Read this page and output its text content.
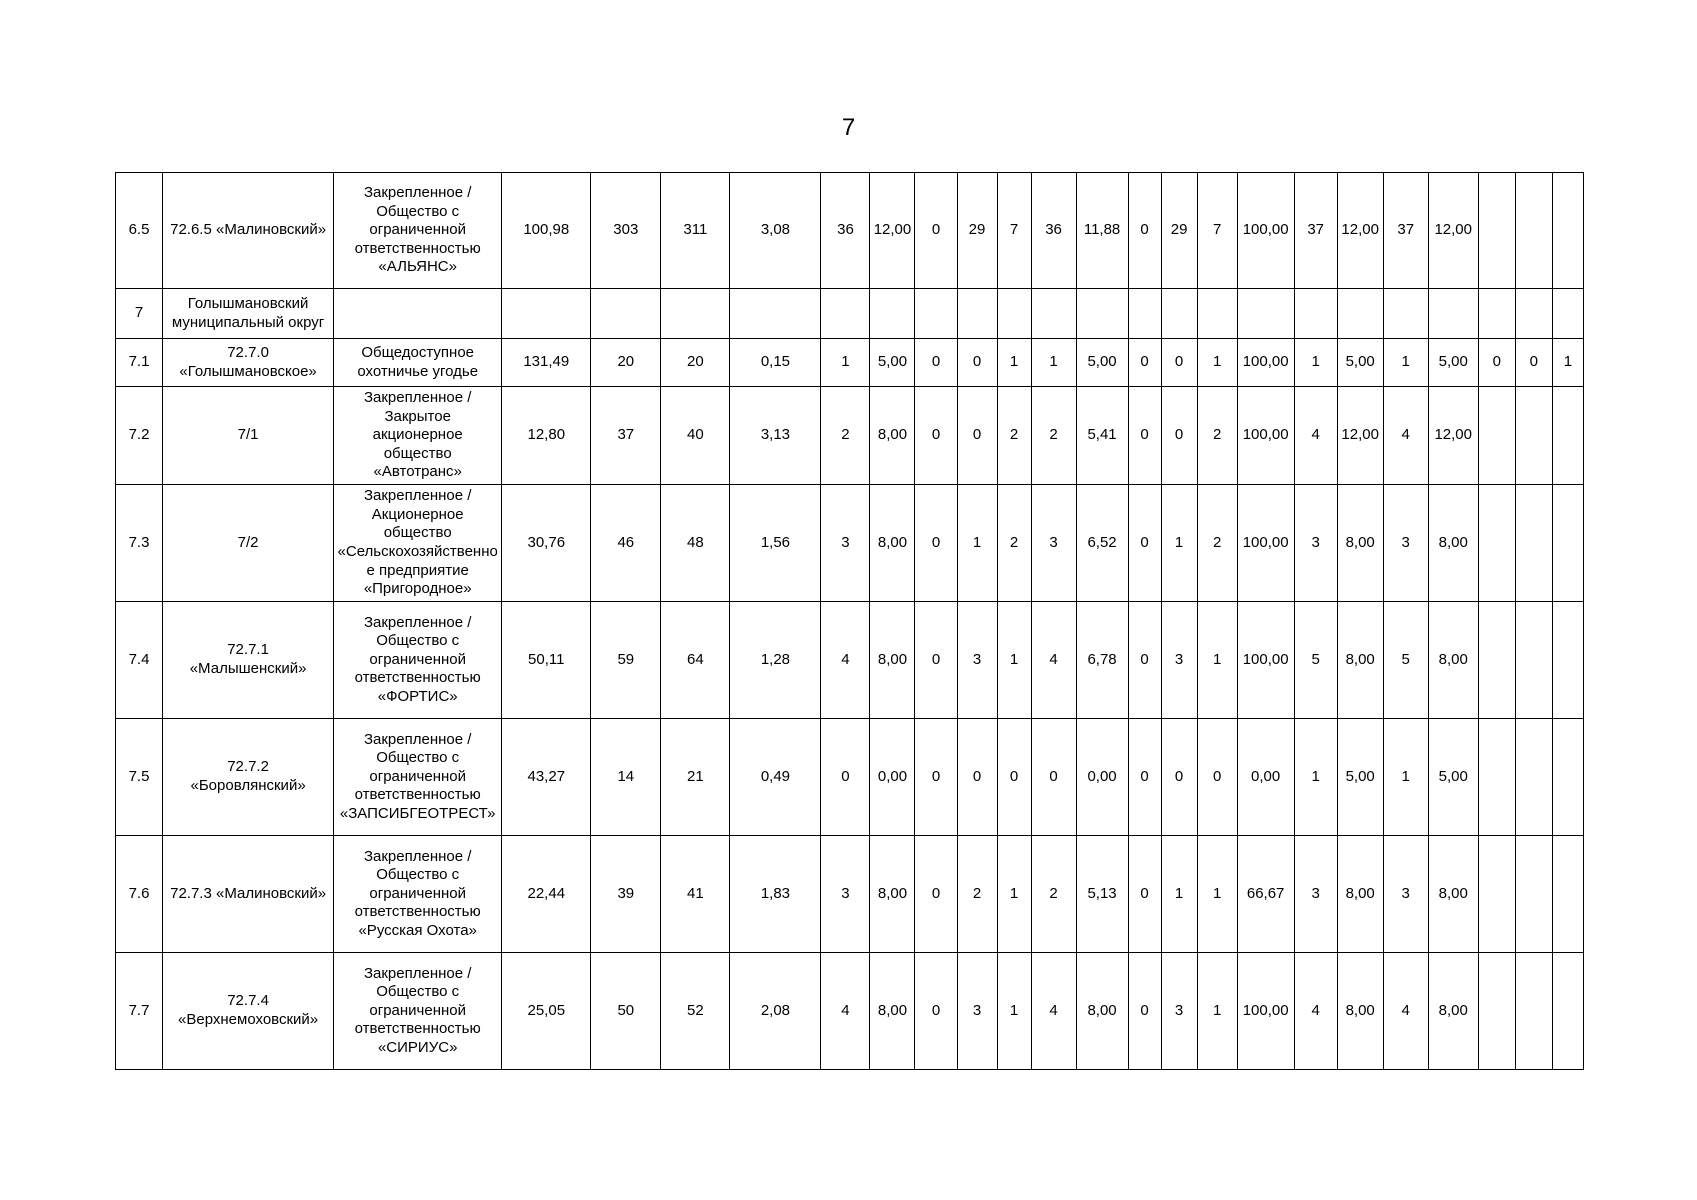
7
6.5	72.6.5 «Малиновский»	Закрепленное /
Общество с
ограниченной
ответственностью
«АЛЬЯНС»	100,98	303	311	3,08	36	12,00	0	29	7	36	11,88	0	29	7	100,00	37	12,00	37	12,00			
7	Голышмановский
муниципальный округ																							
7.1	72.7.0
«Голышмановское»	Общедоступное
охотничье угодье	131,49	20	20	0,15	1	5,00	0	0	1	1	5,00	0	0	1	100,00	1	5,00	1	5,00	0	0	1
7.2	7/1	Закрепленное /
Закрытое
акционерное
общество
«Автотранс»	12,80	37	40	3,13	2	8,00	0	0	2	2	5,41	0	0	2	100,00	4	12,00	4	12,00			
7.3	7/2	Закрепленное /
Акционерное
общество
«Сельскохозяйственное предприятие
«Пригородное»	30,76	46	48	1,56	3	8,00	0	1	2	3	6,52	0	1	2	100,00	3	8,00	3	8,00			
7.4	72.7.1
«Малышенский»	Закрепленное /
Общество с
ограниченной
ответственностью
«ФОРТИС»	50,11	59	64	1,28	4	8,00	0	3	1	4	6,78	0	3	1	100,00	5	8,00	5	8,00			
7.5	72.7.2
«Боровлянский»	Закрепленное /
Общество с
ограниченной
ответственностью
«ЗАПСИБГЕОТРЕСТ»	43,27	14	21	0,49	0	0,00	0	0	0	0	0,00	0	0	0	0,00	1	5,00	1	5,00			
7.6	72.7.3 «Малиновский»	Закрепленное /
Общество с
ограниченной
ответственностью
«Русская Охота»	22,44	39	41	1,83	3	8,00	0	2	1	2	5,13	0	1	1	66,67	3	8,00	3	8,00			
7.7	72.7.4
«Верхнемоховский»	Закрепленное /
Общество с
ограниченной
ответственностью
«СИРИУС»	25,05	50	52	2,08	4	8,00	0	3	1	4	8,00	0	3	1	100,00	4	8,00	4	8,00			
